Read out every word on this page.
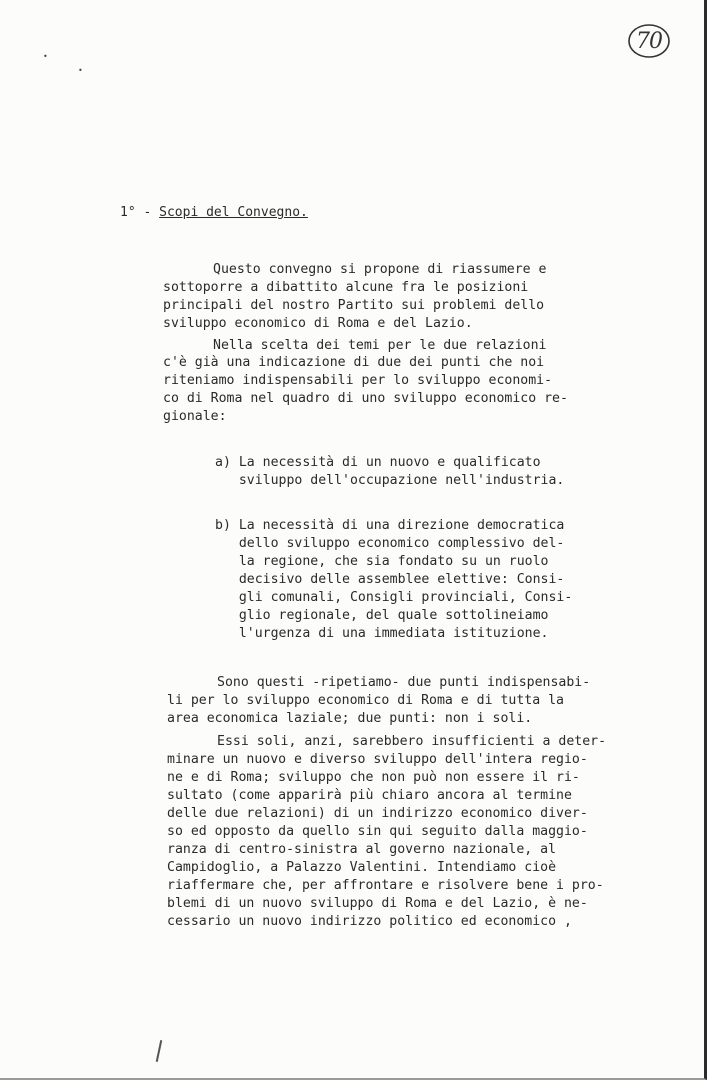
•
•
70
1° - Scopi del Convegno.
Questo convegno si propone di riassumere e
sottoporre a dibattito alcune fra le posizioni
principali del nostro Partito sui problemi dello
sviluppo economico di Roma e del Lazio.
Nella scelta dei temi per le due relazioni
c'è già una indicazione di due dei punti che noi
riteniamo indispensabili per lo sviluppo economi-
co di Roma nel quadro di uno sviluppo economico re-
gionale:
a) La necessità di un nuovo e qualificato
sviluppo dell'occupazione nell'industria.
b) La necessità di una direzione democratica
dello sviluppo economico complessivo del-
la regione, che sia fondato su un ruolo
decisivo delle assemblee elettive: Consi-
gli comunali, Consigli provinciali, Consi-
glio regionale, del quale sottolineiamo
l'urgenza di una immediata istituzione.
Sono questi -ripetiamo- due punti indispensabi-
li per lo sviluppo economico di Roma e di tutta la
area economica laziale; due punti: non i soli.
Essi soli, anzi, sarebbero insufficienti a deter-
minare un nuovo e diverso sviluppo dell'intera regio-
ne e di Roma; sviluppo che non può non essere il ri-
sultato (come apparirà più chiaro ancora al termine
delle due relazioni) di un indirizzo economico diver-
so ed opposto da quello sin qui seguito dalla maggio-
ranza di centro-sinistra al governo nazionale, al
Campidoglio, a Palazzo Valentini. Intendiamo cioè
riaffermare che, per affrontare e risolvere bene i pro-
blemi di un nuovo sviluppo di Roma e del Lazio, è ne-
cessario un nuovo indirizzo politico ed economico ,
